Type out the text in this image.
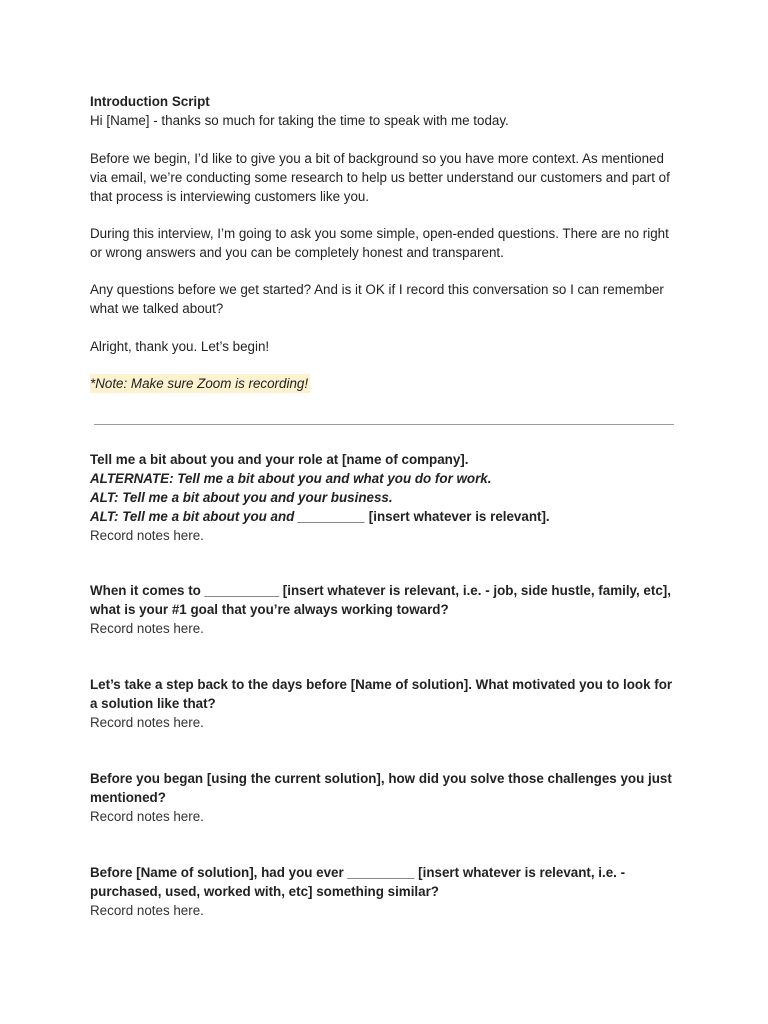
Introduction Script

Hi [Name] - thanks so much for taking the time to speak with me today.

Before we begin, I’d like to give you a bit of background so you have more context. As mentioned via email, we’re conducting some research to help us better understand our customers and part of that process is interviewing customers like you.

During this interview, I’m going to ask you some simple, open-ended questions. There are no right or wrong answers and you can be completely honest and transparent.

Any questions before we get started? And is it OK if I record this conversation so I can remember what we talked about?

Alright, thank you. Let’s begin!

*Note: Make sure Zoom is recording!

Tell me a bit about you and your role at [name of company].

ALTERNATE: Tell me a bit about you and what you do for work.

ALT: Tell me a bit about you and your business.

ALT: Tell me a bit about you and _________ [insert whatever is relevant].

Record notes here.

When it comes to __________ [insert whatever is relevant, i.e. - job, side hustle, family, etc], what is your #1 goal that you’re always working toward?

Record notes here.

Let’s take a step back to the days before [Name of solution]. What motivated you to look for a solution like that?

Record notes here.

Before you began [using the current solution], how did you solve those challenges you just mentioned?

Record notes here.

Before [Name of solution], had you ever _________ [insert whatever is relevant, i.e. - purchased, used, worked with, etc] something similar?

Record notes here.
